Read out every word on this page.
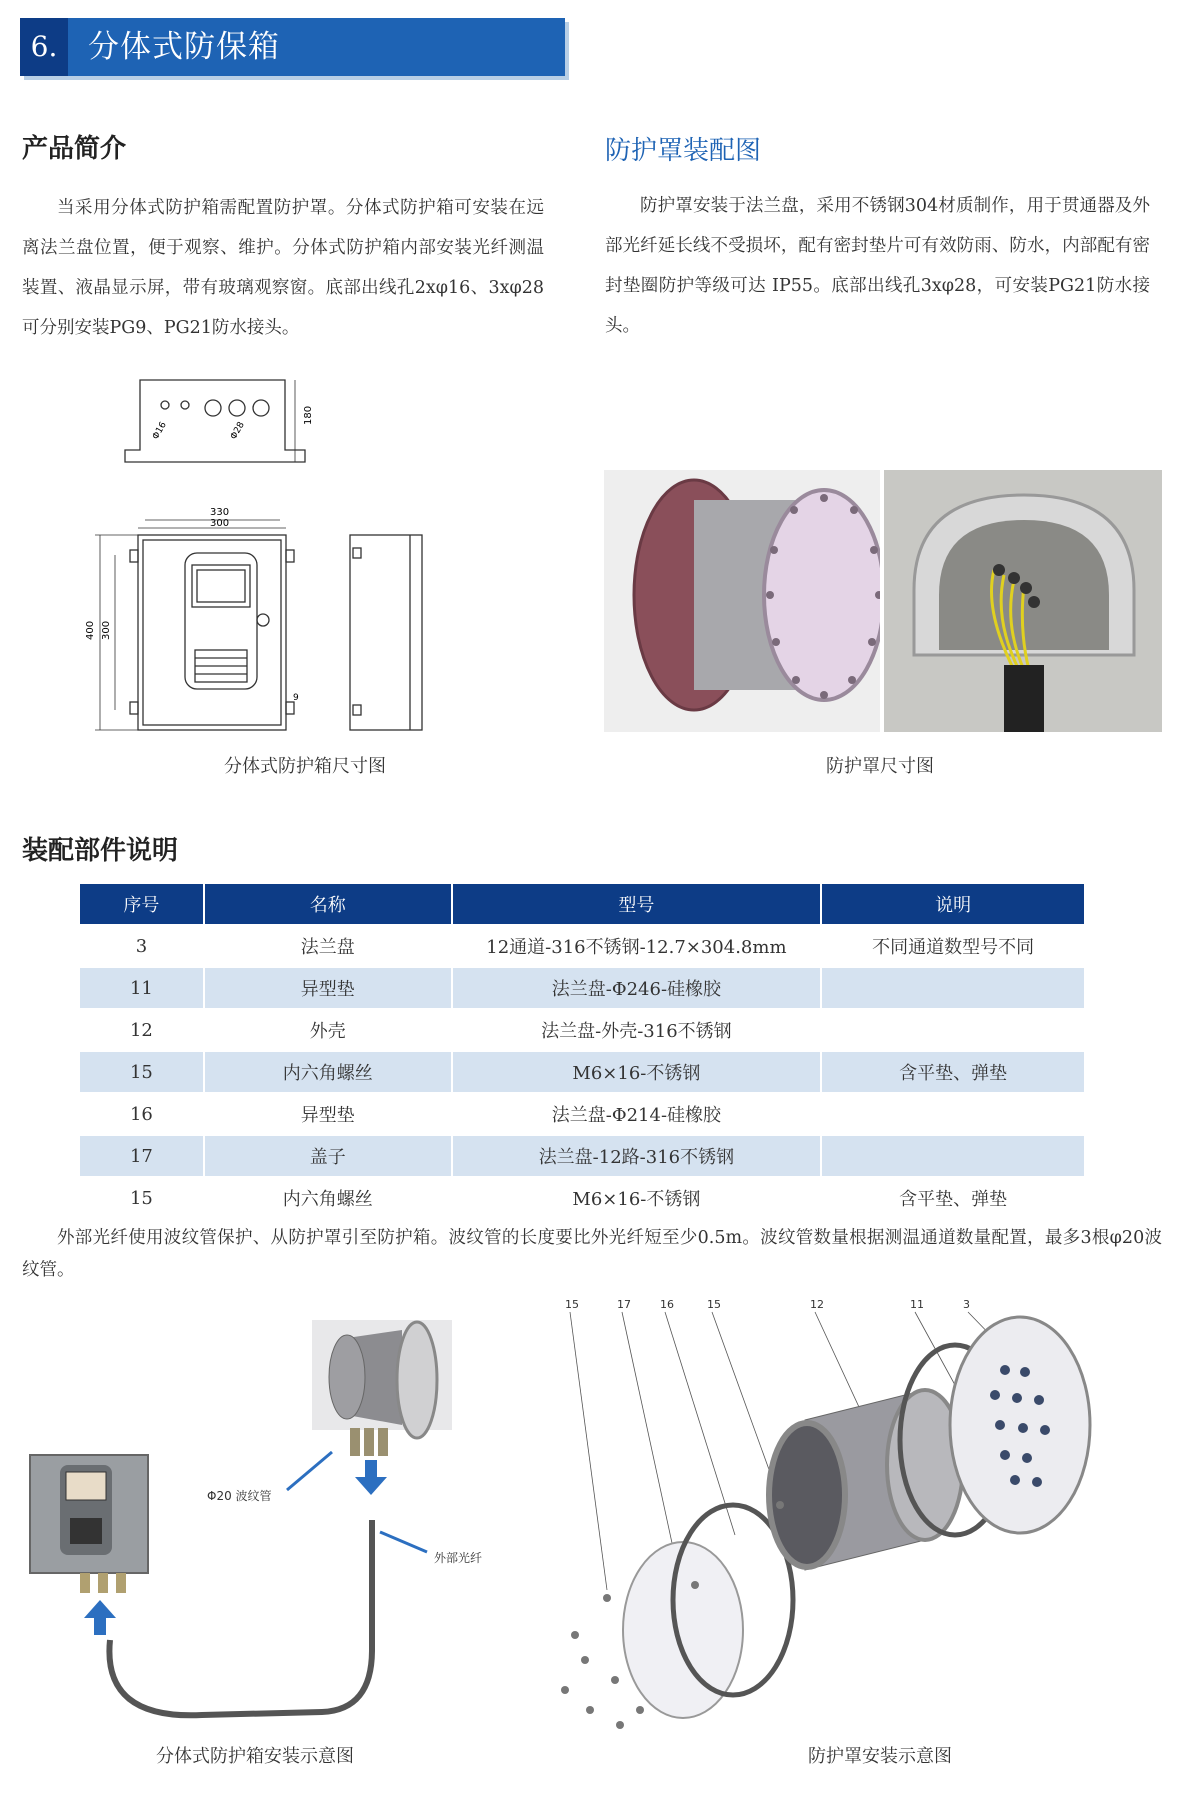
6. 分体式防保箱
产品简介
当采用分体式防护箱需配置防护罩。分体式防护箱可安装在远离法兰盘位置，便于观察、维护。分体式防护箱内部安装光纤测温装置、液晶显示屏，带有玻璃观察窗。底部出线孔2xφ16、3xφ28可分别安装PG9、PG21防水接头。
防护罩装配图
防护罩安装于法兰盘，采用不锈钢304材质制作，用于贯通器及外部光纤延长线不受损坏，配有密封垫片可有效防雨、防水，内部配有密封垫圈防护等级可达 IP55。底部出线孔3xφ28，可安装PG21防水接头。
330
300
400 300
180
Φ16	Φ28
9
分体式防护箱尺寸图	防护罩尺寸图
装配部件说明
序号	名称	型号	说明
3	法兰盘	12通道-316不锈钢-12.7×304.8mm	不同通道数型号不同
11	异型垫	法兰盘-Φ246-硅橡胶	
12	外壳	法兰盘-外壳-316不锈钢	
15	内六角螺丝	M6×16-不锈钢	含平垫、弹垫
16	异型垫	法兰盘-Φ214-硅橡胶	
17	盖子	法兰盘-12路-316不锈钢	
15	内六角螺丝	M6×16-不锈钢	含平垫、弹垫
外部光纤使用波纹管保护、从防护罩引至防护箱。波纹管的长度要比外光纤短至少0.5m。波纹管数量根据测温通道数量配置，最多3根φ20波纹管。
Φ20 波纹管
外部光纤
分体式防护箱安装示意图
15	17	16	15	12	11	3
防护罩安装示意图
